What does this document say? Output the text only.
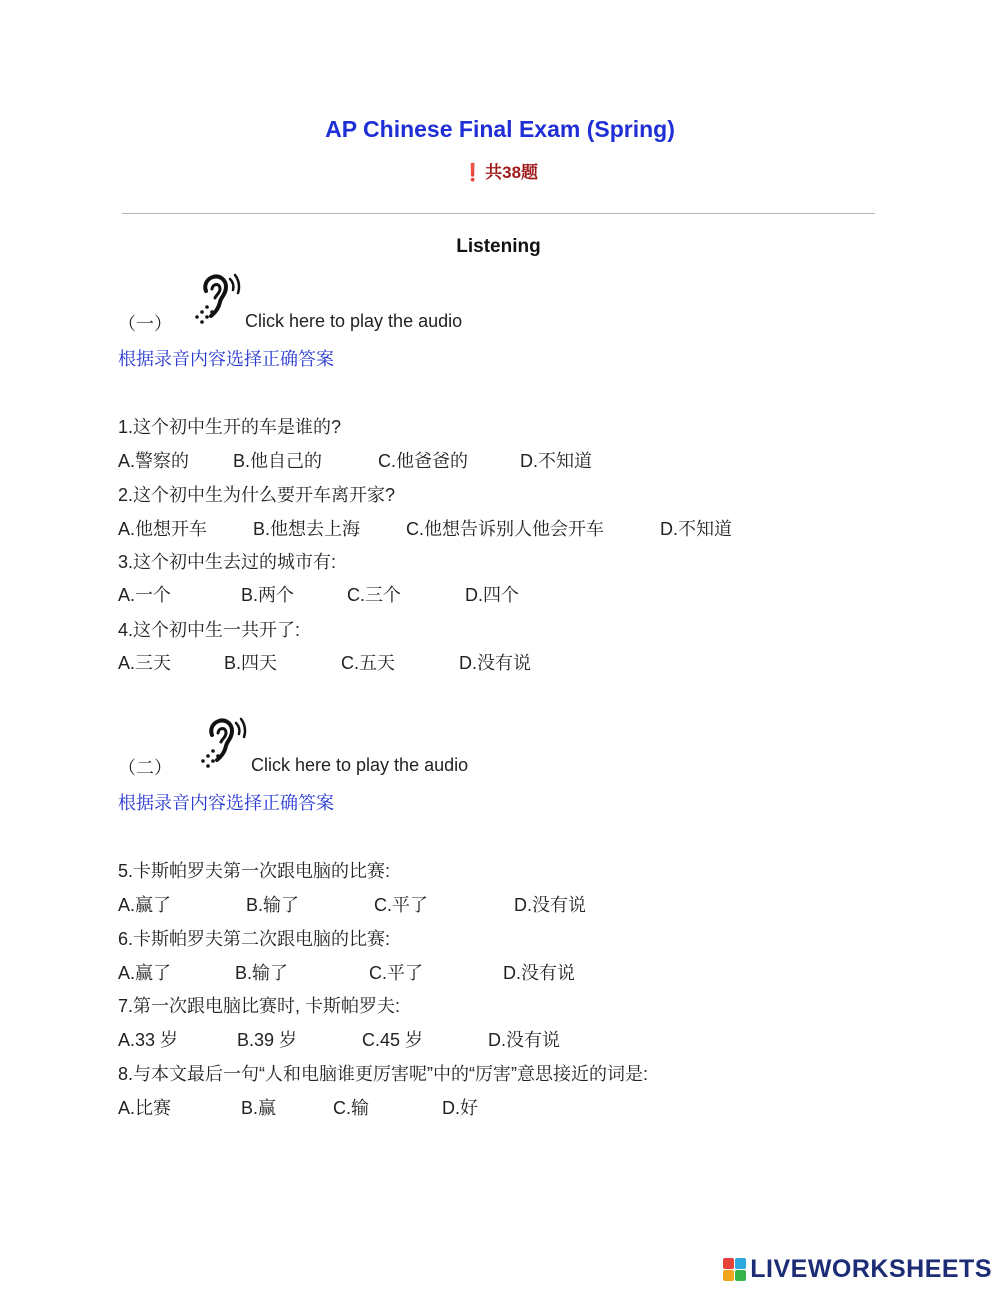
AP Chinese Final Exam (Spring)
❗ 共38题
Listening
（一）	Click here to play the audio
根据录音内容选择正确答案
1.这个初中生开的车是谁的?
A.警察的 B.他自己的	C.他爸爸的	D.不知道
2.这个初中生为什么要开车离开家?
A.他想开车	B.他想去上海	C.他想告诉别人他会开车	D.不知道
3.这个初中生去过的城市有:
A.一个	B.两个	C.三个	D.四个
4.这个初中生一共开了:
A.三天	B.四天	C.五天	D.没有说
（二）	Click here to play the audio
根据录音内容选择正确答案
5.卡斯帕罗夫第一次跟电脑的比赛:
A.赢了	B.输了	C.平了	D.没有说
6.卡斯帕罗夫第二次跟电脑的比赛:
A.赢了	B.输了	C.平了	D.没有说
7.第一次跟电脑比赛时, 卡斯帕罗夫:
A.33 岁	B.39 岁	C.45 岁	D.没有说
8.与本文最后一句“人和电脑谁更厉害呢”中的“厉害”意思接近的词是:
A.比赛	B.赢	C.输	D.好
LIVEWORKSHEETS
